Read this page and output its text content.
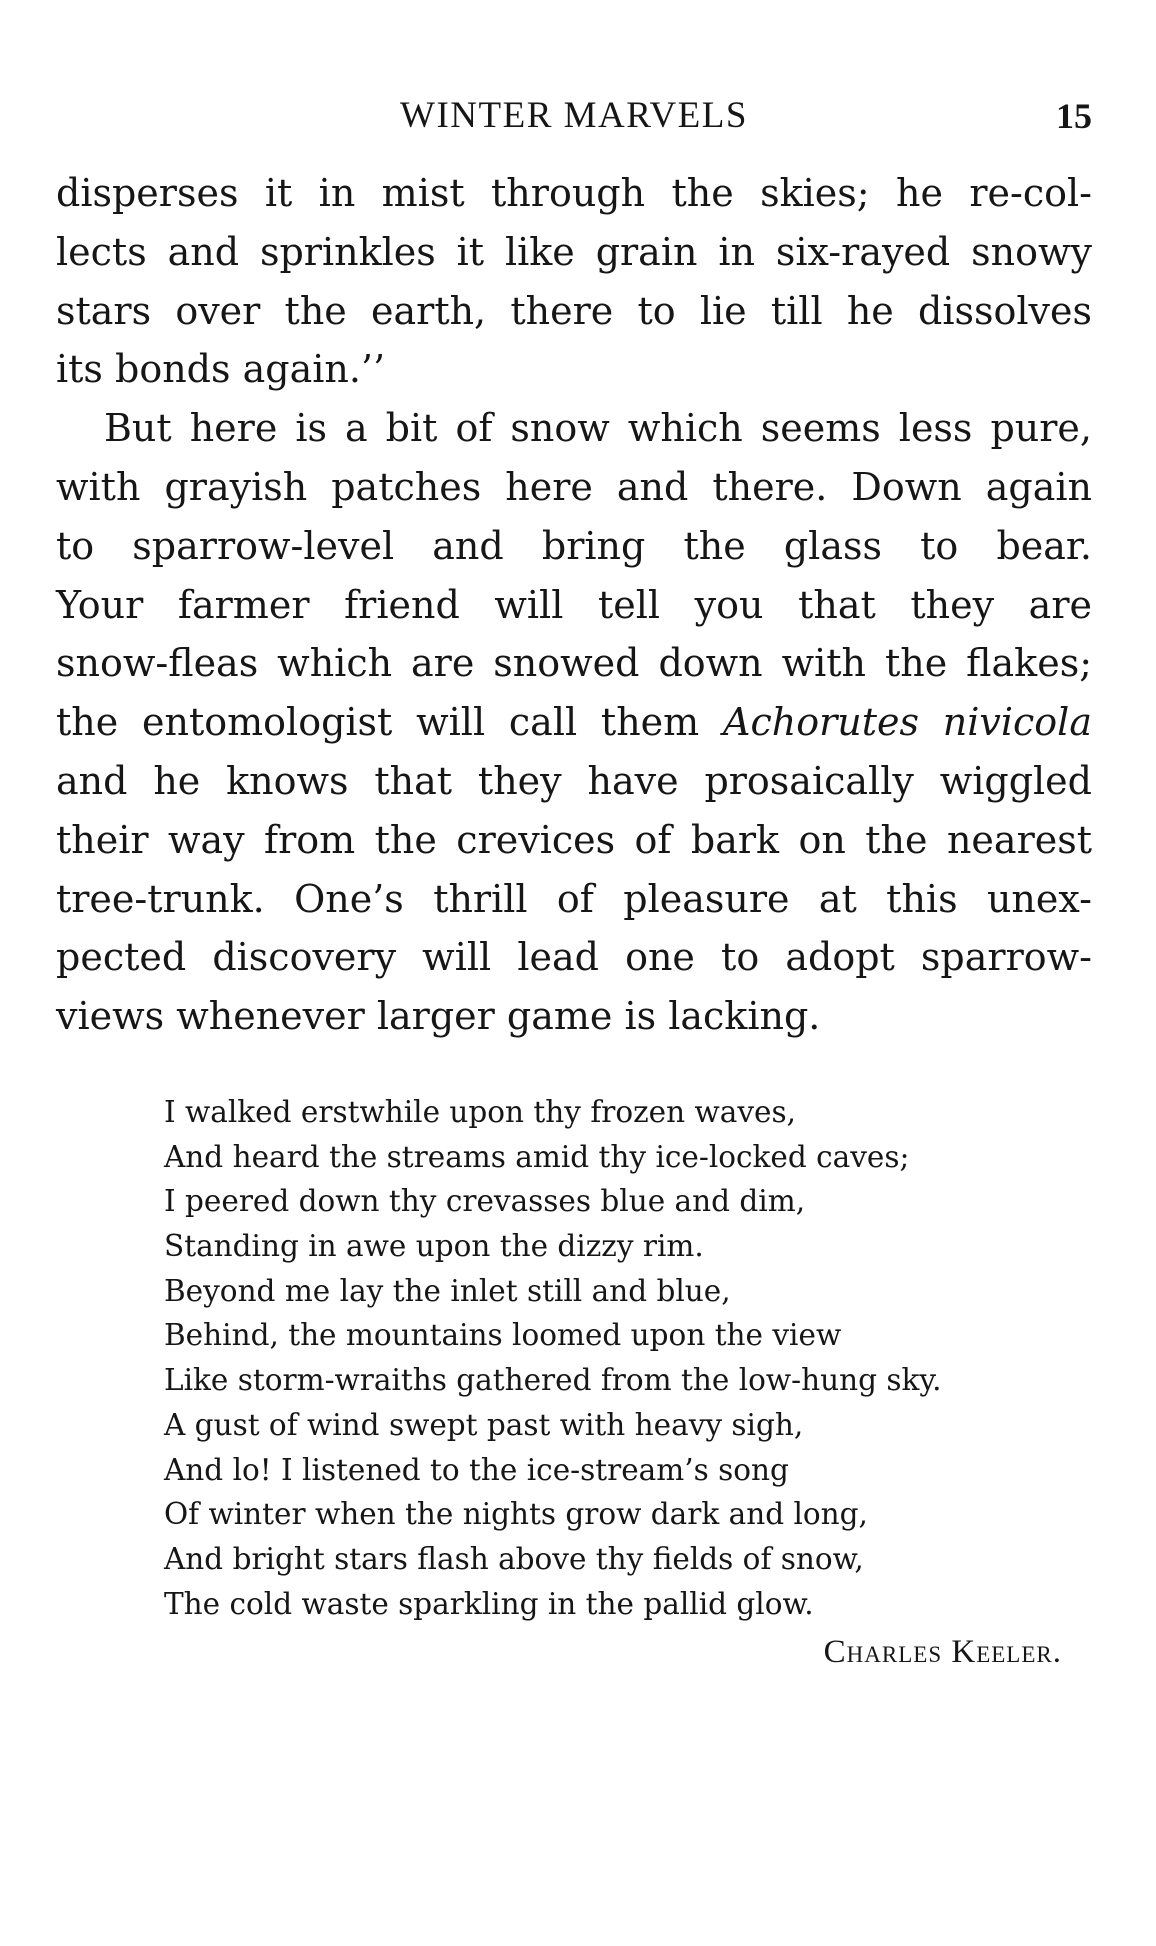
WINTER MARVELS	15
disperses it in mist through the skies; he re-col-
lects and sprinkles it like grain in six-rayed snowy
stars over the earth, there to lie till he dissolves
its bonds again.’’
But here is a bit of snow which seems less pure,
with grayish patches here and there. Down again
to sparrow-level and bring the glass to bear.
Your farmer friend will tell you that they are
snow-fleas which are snowed down with the flakes;
the entomologist will call them Achorutes nivicola
and he knows that they have prosaically wiggled
their way from the crevices of bark on the nearest
tree-trunk. One’s thrill of pleasure at this unex-
pected discovery will lead one to adopt sparrow-
views whenever larger game is lacking.
I walked erstwhile upon thy frozen waves,
And heard the streams amid thy ice-locked caves;
I peered down thy crevasses blue and dim,
Standing in awe upon the dizzy rim.
Beyond me lay the inlet still and blue,
Behind, the mountains loomed upon the view
Like storm-wraiths gathered from the low-hung sky.
A gust of wind swept past with heavy sigh,
And lo! I listened to the ice-stream’s song
Of winter when the nights grow dark and long,
And bright stars flash above thy fields of snow,
The cold waste sparkling in the pallid glow.
Charles Keeler.
